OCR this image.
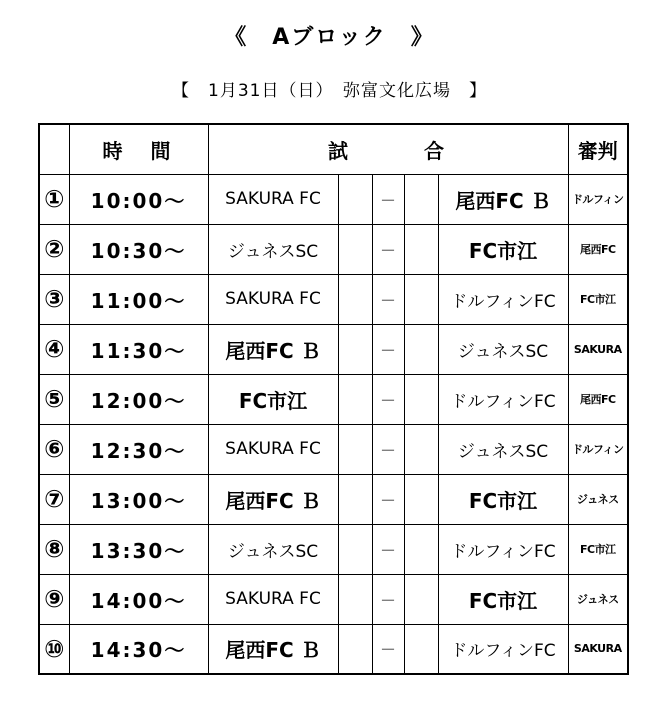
《　Aブロック　》
【　1月31日（日）　弥富文化広場　】
	時　間	試　　　合					審判
①	10:00～	SAKURA FC		－		尾西FC Ｂ	ドルフィン
②	10:30～	ジュネスSC		－		FC市江	尾西FC
③	11:00～	SAKURA FC		－		ドルフィンFC	FC市江
④	11:30～	尾西FC Ｂ		－		ジュネスSC	SAKURA
⑤	12:00～	FC市江		－		ドルフィンFC	尾西FC
⑥	12:30～	SAKURA FC		－		ジュネスSC	ドルフィン
⑦	13:00～	尾西FC Ｂ		－		FC市江	ジュネス
⑧	13:30～	ジュネスSC		－		ドルフィンFC	FC市江
⑨	14:00～	SAKURA FC		－		FC市江	ジュネス
⑩	14:30～	尾西FC Ｂ		－		ドルフィンFC	SAKURA
